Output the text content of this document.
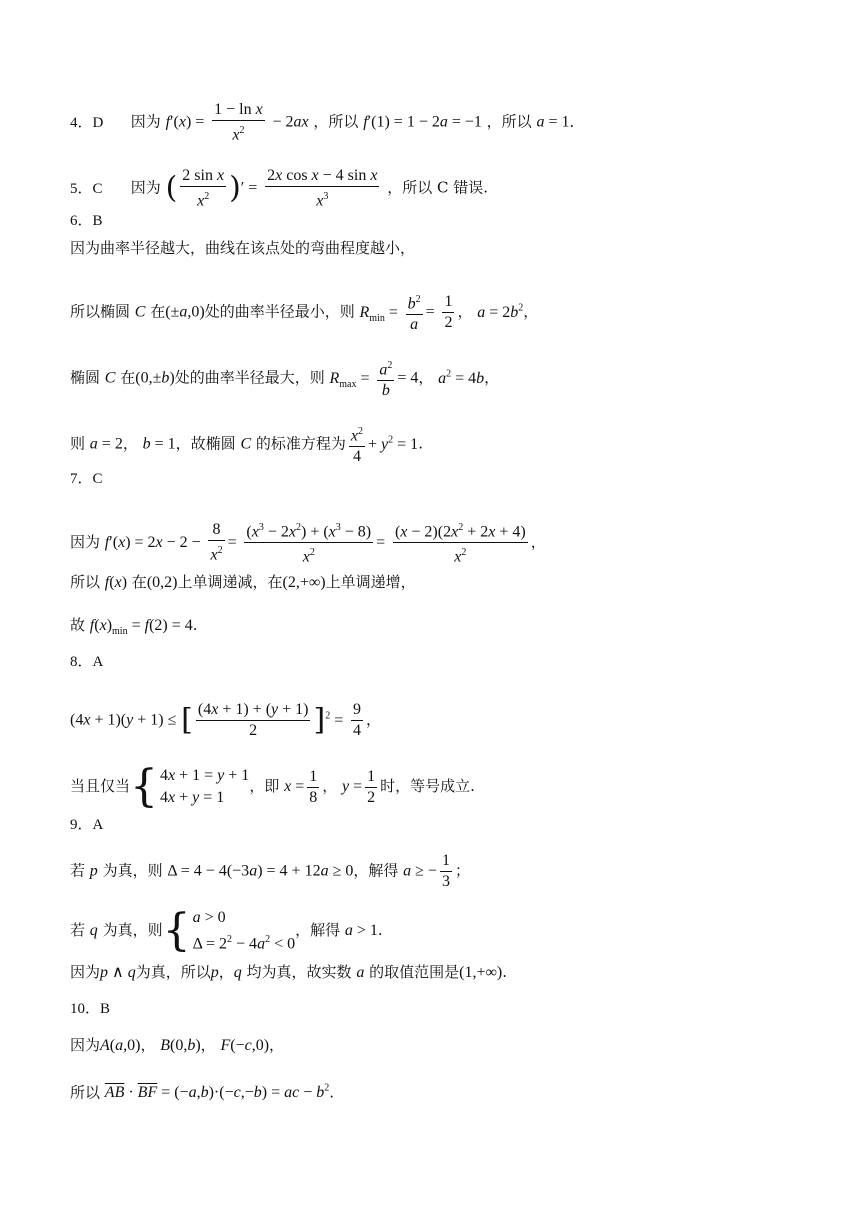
4．D 因为 $f'(x) = \frac{\text{1 − ln x}}{x^2} - 2ax$ ，所以 f′(1) = 1 − 2a = −1 ，所以 a = 1．
5．C 因为 ( $\frac{\text{2 sin x}}{x^2}$ )′ = $\frac{\text{2x cos x − 4 sin x}}{x^3}$ ，所以 C 错误.
6．B
因为曲率半径越大，曲线在该点处的弯曲程度越小，
所以椭圆 C 在(±a,0)处的曲率半径最小，则 $R_{min} = \frac{b^2}{a} = \frac{1}{2}$ ， $a = 2b^2$，
椭圆 C 在(0,±b)处的曲率半径最大，则 $R_{max} = \frac{a^2}{b} = 4$， $a^2 = 4b$，
则 a = 2， b = 1，故椭圆 C 的标准方程为 $\frac{x^2}{4} + y^2 = 1$.
7．C
因为 $f'(x) = 2x - 2 - \frac{8}{x^2} = \frac{(x^3 - 2x^2) + (x^3 - 8)}{x^2} = \frac{(x - 2)(2x^2 + 2x + 4)}{x^2}$ ，
所以 f(x) 在(0,2)上单调递减，在(2,+∞)上单调递增，
故 $f(x)_{min} = f(2) = 4$.
8．A
(4x + 1)(y + 1) ≤ [ $\frac{(4x + 1) + (y + 1)}{2} ]^2 = \frac{9}{4}$ ，
当且仅当{ 4x + 1 = y + 1
4x + y = 1
，即 $x = \frac{1}{8}$ ， $y = \frac{1}{2}$ 时，等号成立.
9．A
若 p 为真，则 Δ = 4 − 4(−3a) = 4 + 12a ≥ 0，解得 a ≥ − $\frac{1}{3}$ ；
若 q 为真，则{ a > 0
$\Delta = 2^2 - 4a^2 < 0$
，解得 a > 1.
因为p ∧ q为真，所以p，q 均为真，故实数 a 的取值范围是(1,+∞).
10．B
因为A(a,0)， B(0,b)， F(−c,0)，
所以 $\overline{AB} \cdot \overline{BF} = (-a,b)\cdot(-c,-b)$ = ac − $b^2$.
